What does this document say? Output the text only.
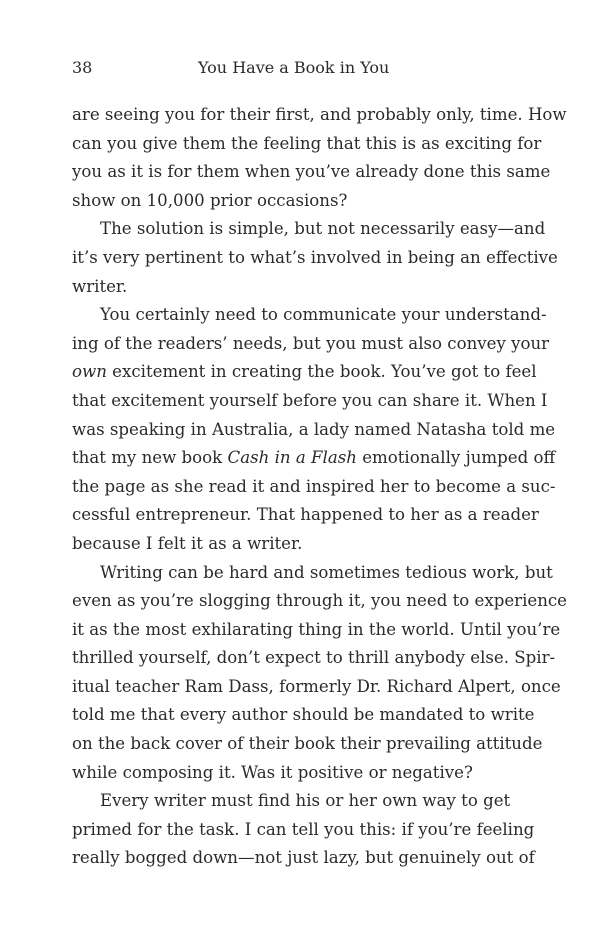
38	You Have a Book in You
are seeing you for their first, and probably only, time. How
can you give them the feeling that this is as exciting for
you as it is for them when you’ve already done this same
show on 10,000 prior occasions?
The solution is simple, but not necessarily easy—and
it’s very pertinent to what’s involved in being an effective
writer.
You certainly need to communicate your understand-
ing of the readers’ needs, but you must also convey your
own excitement in creating the book. You’ve got to feel
that excitement yourself before you can share it. When I
was speaking in Australia, a lady named Natasha told me
that my new book Cash in a Flash emotionally jumped off
the page as she read it and inspired her to become a suc-
cessful entrepreneur. That happened to her as a reader
because I felt it as a writer.
Writing can be hard and sometimes tedious work, but
even as you’re slogging through it, you need to experience
it as the most exhilarating thing in the world. Until you’re
thrilled yourself, don’t expect to thrill anybody else. Spir-
itual teacher Ram Dass, formerly Dr. Richard Alpert, once
told me that every author should be mandated to write
on the back cover of their book their prevailing attitude
while composing it. Was it positive or negative?
Every writer must find his or her own way to get
primed for the task. I can tell you this: if you’re feeling
really bogged down—not just lazy, but genuinely out of
